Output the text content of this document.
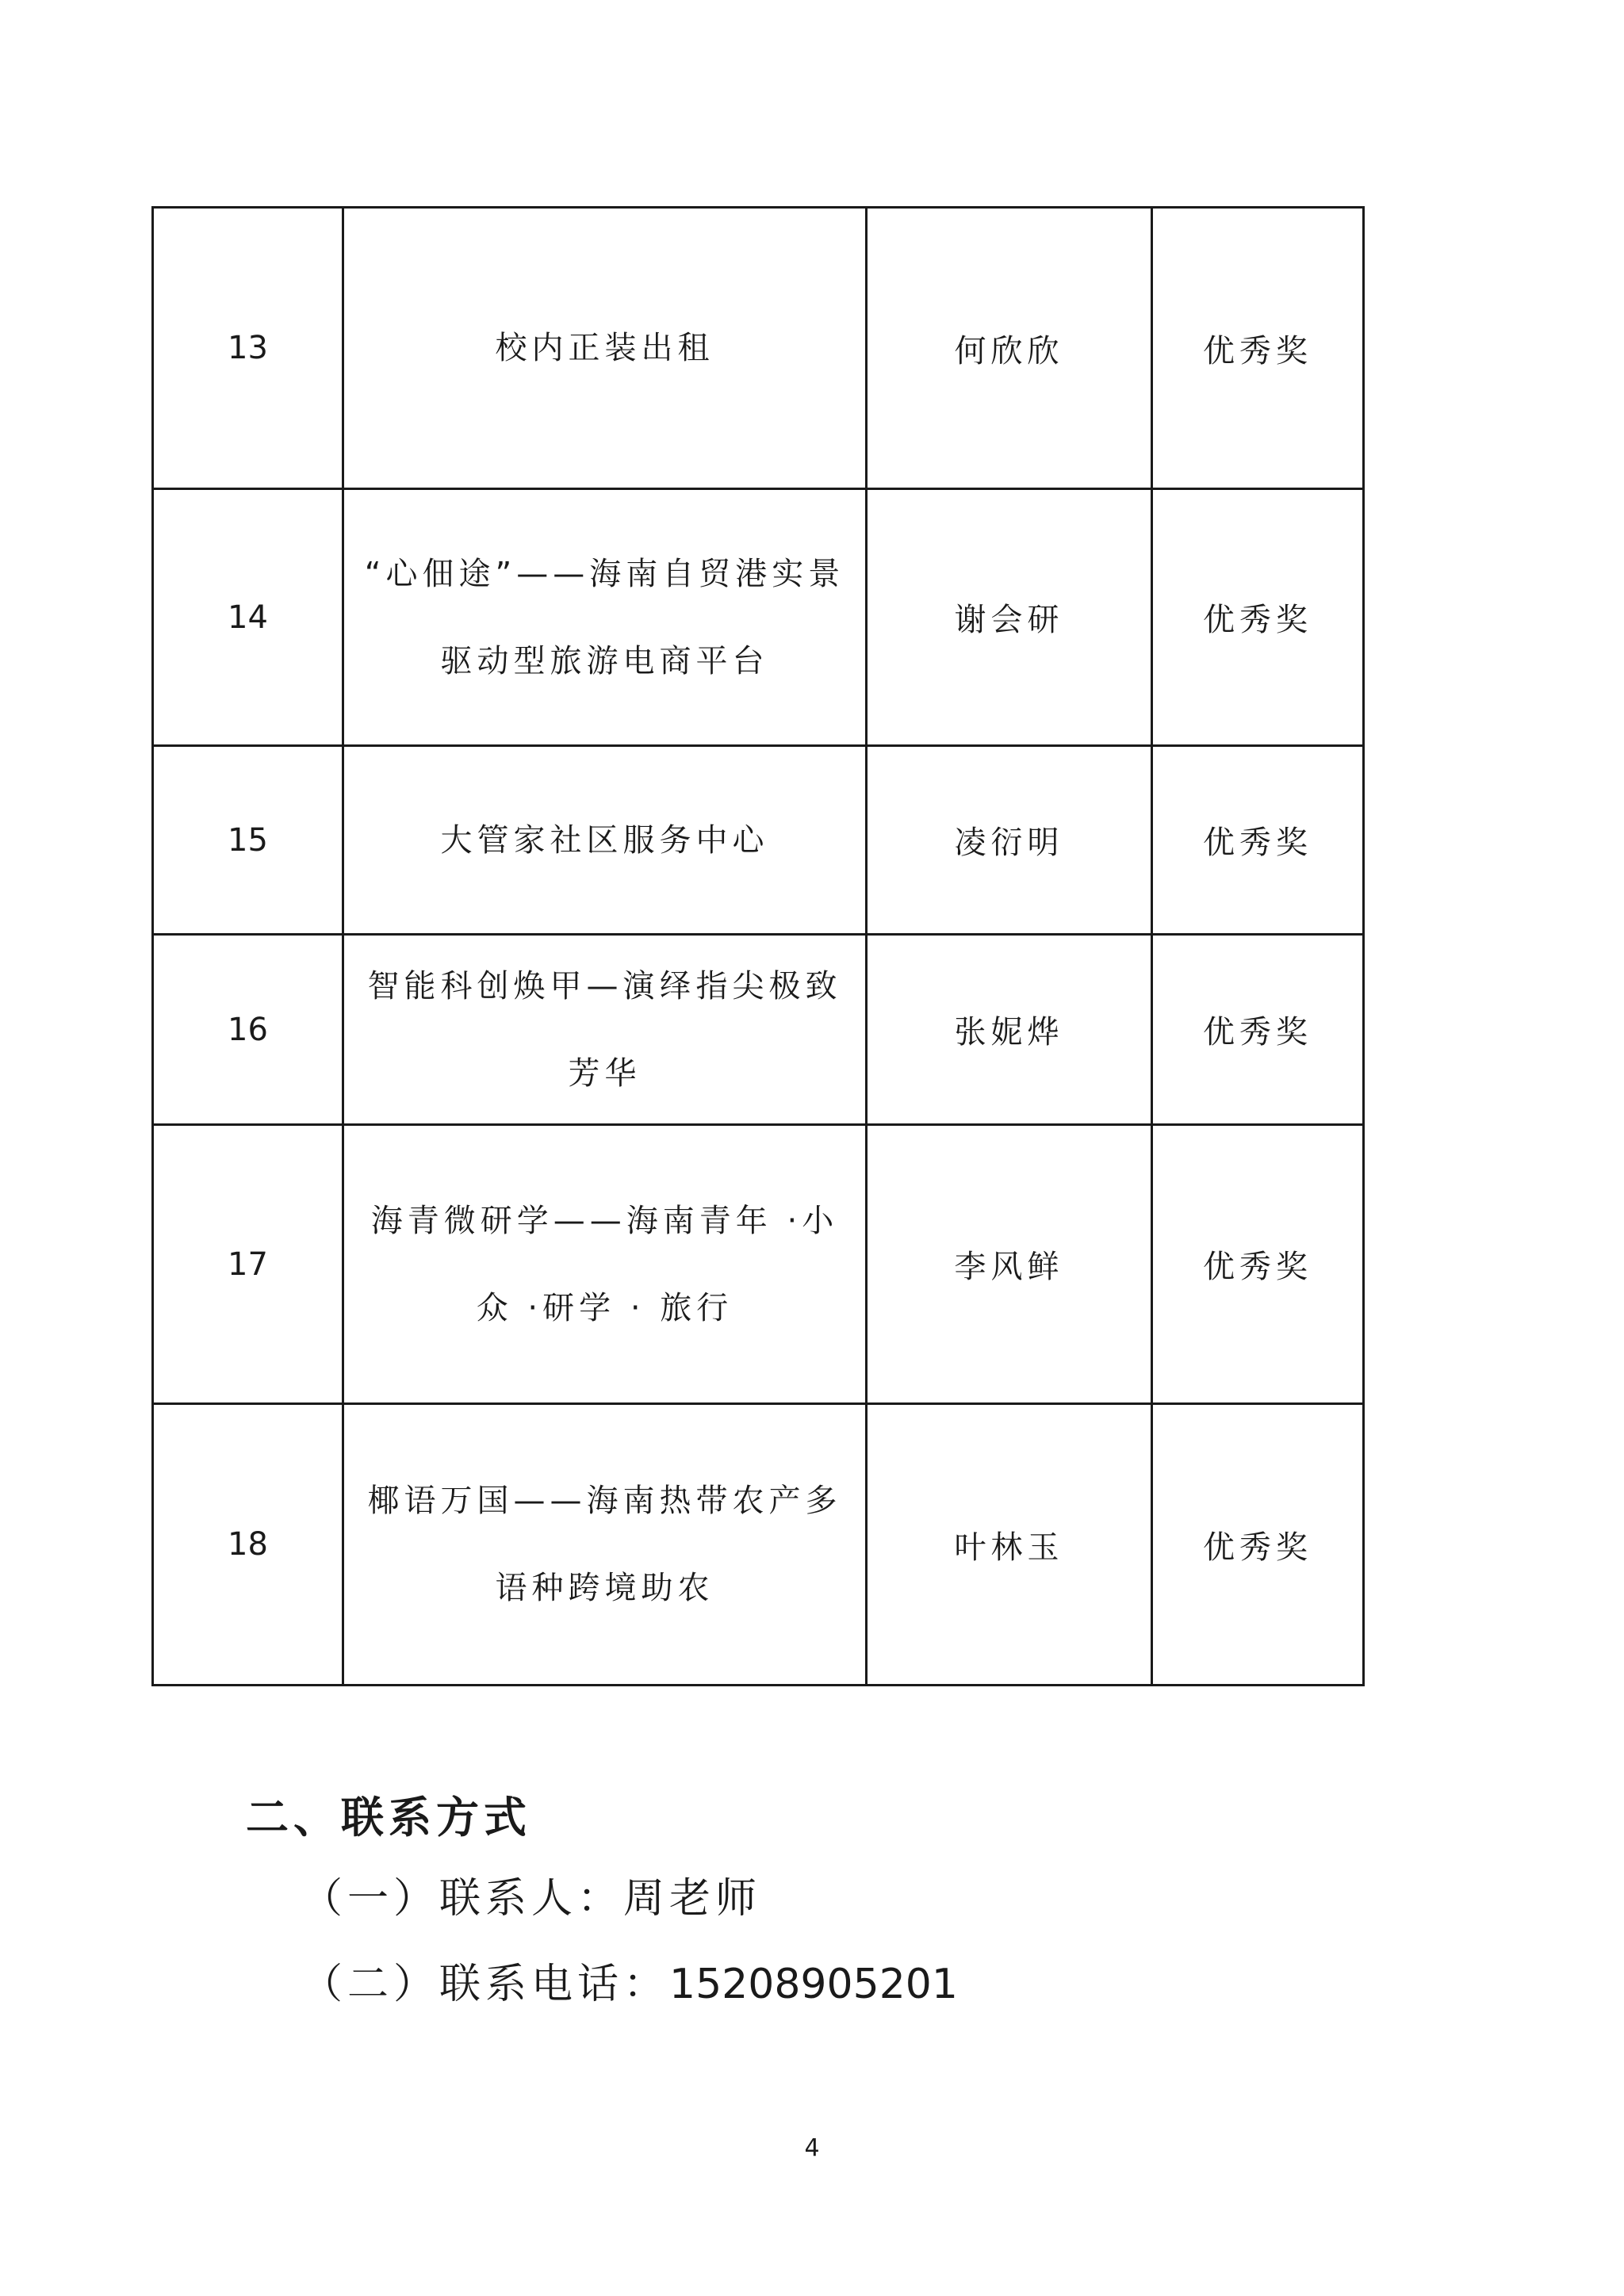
13	校内正装出租	何欣欣	优秀奖
14	“心佃途”——海南自贸港实景驱动型旅游电商平台	谢会研	优秀奖
15	大管家社区服务中心	凌衍明	优秀奖
16	智能科创焕甲—演绎指尖极致芳华	张妮烨	优秀奖
17	海青微研学——海南青年 ·小众 ·研学 · 旅行	李风鲜	优秀奖
18	椰语万国——海南热带农产多语种跨境助农	叶林玉	优秀奖
二、联系方式

（一）联系人：周老师

（二）联系电话：15208905201

4
